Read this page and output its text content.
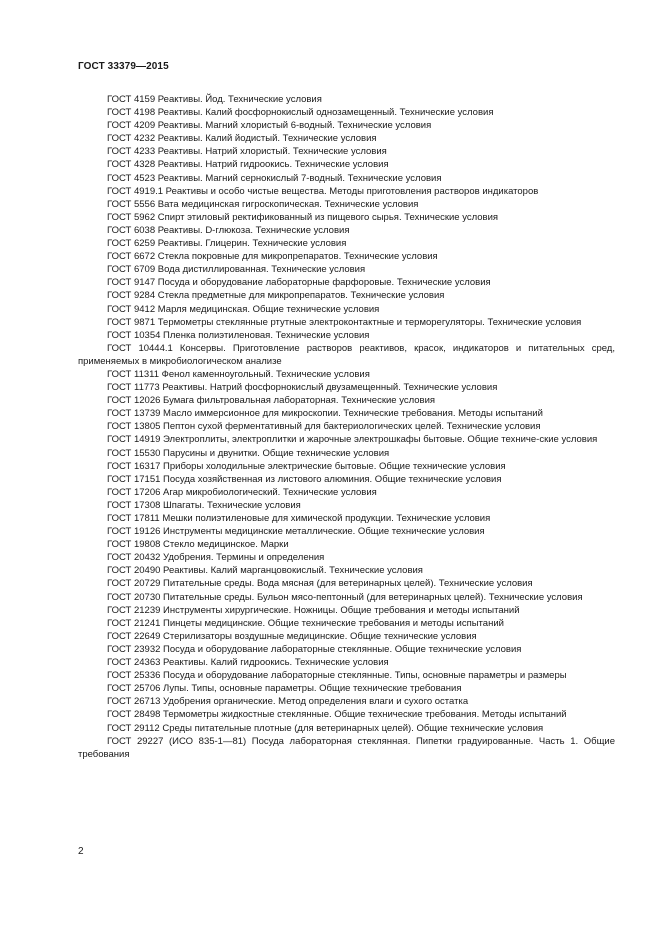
ГОСТ 33379—2015

ГОСТ 4159 Реактивы. Йод. Технические условия

ГОСТ 4198 Реактивы. Калий фосфорнокислый однозамещенный. Технические условия

ГОСТ 4209 Реактивы. Магний хлористый 6-водный. Технические условия

ГОСТ 4232 Реактивы. Калий йодистый. Технические условия

ГОСТ 4233 Реактивы. Натрий хлористый. Технические условия

ГОСТ 4328 Реактивы. Натрий гидроокись. Технические условия

ГОСТ 4523 Реактивы. Магний сернокислый 7-водный. Технические условия

ГОСТ 4919.1 Реактивы и особо чистые вещества. Методы приготовления растворов индикаторов

ГОСТ 5556 Вата медицинская гигроскопическая. Технические условия

ГОСТ 5962 Спирт этиловый ректификованный из пищевого сырья. Технические условия

ГОСТ 6038 Реактивы. D-глюкоза. Технические условия

ГОСТ 6259 Реактивы. Глицерин. Технические условия

ГОСТ 6672 Стекла покровные для микропрепаратов. Технические условия

ГОСТ 6709 Вода дистиллированная. Технические условия

ГОСТ 9147 Посуда и оборудование лабораторные фарфоровые. Технические условия

ГОСТ 9284 Стекла предметные для микропрепаратов. Технические условия

ГОСТ 9412 Марля медицинская. Общие технические условия

ГОСТ 9871 Термометры стеклянные ртутные электроконтактные и терморегуляторы. Технические условия

ГОСТ 10354 Пленка полиэтиленовая. Технические условия

ГОСТ 10444.1 Консервы. Приготовление растворов реактивов, красок, индикаторов и питательных сред, применяемых в микробиологическом анализе

ГОСТ 11311 Фенол каменноугольный. Технические условия

ГОСТ 11773 Реактивы. Натрий фосфорнокислый двузамещенный. Технические условия

ГОСТ 12026 Бумага фильтровальная лабораторная. Технические условия

ГОСТ 13739 Масло иммерсионное для микроскопии. Технические требования. Методы испытаний

ГОСТ 13805 Пептон сухой ферментативный для бактериологических целей. Технические условия

ГОСТ 14919 Электроплиты, электроплитки и жарочные электрошкафы бытовые. Общие техниче-ские условия

ГОСТ 15530 Парусины и двунитки. Общие технические условия

ГОСТ 16317 Приборы холодильные электрические бытовые. Общие технические условия

ГОСТ 17151 Посуда хозяйственная из листового алюминия. Общие технические условия

ГОСТ 17206 Агар микробиологический. Технические условия

ГОСТ 17308 Шпагаты. Технические условия

ГОСТ 17811 Мешки полиэтиленовые для химической продукции. Технические условия

ГОСТ 19126 Инструменты медицинские металлические. Общие технические условия

ГОСТ 19808 Стекло медицинское. Марки

ГОСТ 20432 Удобрения. Термины и определения

ГОСТ 20490 Реактивы. Калий марганцовокислый. Технические условия

ГОСТ 20729 Питательные среды. Вода мясная (для ветеринарных целей). Технические условия

ГОСТ 20730 Питательные среды. Бульон мясо-пептонный (для ветеринарных целей). Технические условия

ГОСТ 21239 Инструменты хирургические. Ножницы. Общие требования и методы испытаний

ГОСТ 21241 Пинцеты медицинские. Общие технические требования и методы испытаний

ГОСТ 22649 Стерилизаторы воздушные медицинские. Общие технические условия

ГОСТ 23932 Посуда и оборудование лабораторные стеклянные. Общие технические условия

ГОСТ 24363 Реактивы. Калий гидроокись. Технические условия

ГОСТ 25336 Посуда и оборудование лабораторные стеклянные. Типы, основные параметры и размеры

ГОСТ 25706 Лупы. Типы, основные параметры. Общие технические требования

ГОСТ 26713 Удобрения органические. Метод определения влаги и сухого остатка

ГОСТ 28498 Термометры жидкостные стеклянные. Общие технические требования. Методы испытаний

ГОСТ 29112 Среды питательные плотные (для ветеринарных целей). Общие технические условия

ГОСТ 29227 (ИСО 835-1—81) Посуда лабораторная стеклянная. Пипетки градуированные. Часть 1. Общие требования

2
